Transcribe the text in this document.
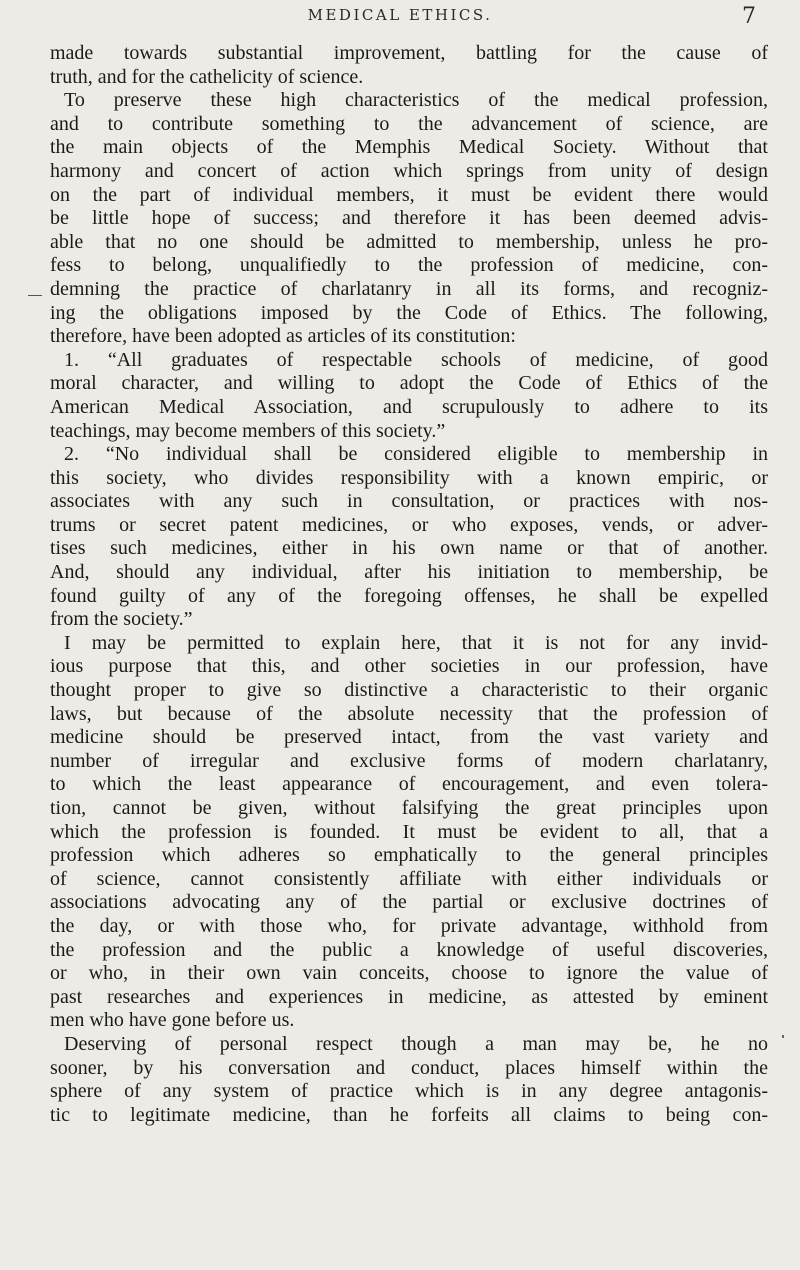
MEDICAL ETHICS.	7
made towards substantial improvement, battling for the cause of
truth, and for the cathelicity of science.
To preserve these high characteristics of the medical profession,
and to contribute something to the advancement of science, are
the main objects of the Memphis Medical Society. Without that
harmony and concert of action which springs from unity of design
on the part of individual members, it must be evident there would
be little hope of success; and therefore it has been deemed advis-
able that no one should be admitted to membership, unless he pro-
fess to belong, unqualifiedly to the profession of medicine, con-
demning the practice of charlatanry in all its forms, and recogniz-
ing the obligations imposed by the Code of Ethics. The following,
therefore, have been adopted as articles of its constitution:
1. “All graduates of respectable schools of medicine, of good
moral character, and willing to adopt the Code of Ethics of the
American Medical Association, and scrupulously to adhere to its
teachings, may become members of this society.”
2. “No individual shall be considered eligible to membership in
this society, who divides responsibility with a known empiric, or
associates with any such in consultation, or practices with nos-
trums or secret patent medicines, or who exposes, vends, or adver-
tises such medicines, either in his own name or that of another.
And, should any individual, after his initiation to membership, be
found guilty of any of the foregoing offenses, he shall be expelled
from the society.”
I may be permitted to explain here, that it is not for any invid-
ious purpose that this, and other societies in our profession, have
thought proper to give so distinctive a characteristic to their organic
laws, but because of the absolute necessity that the profession of
medicine should be preserved intact, from the vast variety and
number of irregular and exclusive forms of modern charlatanry,
to which the least appearance of encouragement, and even tolera-
tion, cannot be given, without falsifying the great principles upon
which the profession is founded. It must be evident to all, that a
profession which adheres so emphatically to the general principles
of science, cannot consistently affiliate with either individuals or
associations advocating any of the partial or exclusive doctrines of
the day, or with those who, for private advantage, withhold from
the profession and the public a knowledge of useful discoveries,
or who, in their own vain conceits, choose to ignore the value of
past researches and experiences in medicine, as attested by eminent
men who have gone before us.
Deserving of personal respect though a man may be, he no
sooner, by his conversation and conduct, places himself within the
sphere of any system of practice which is in any degree antagonis-
tic to legitimate medicine, than he forfeits all claims to being con-
